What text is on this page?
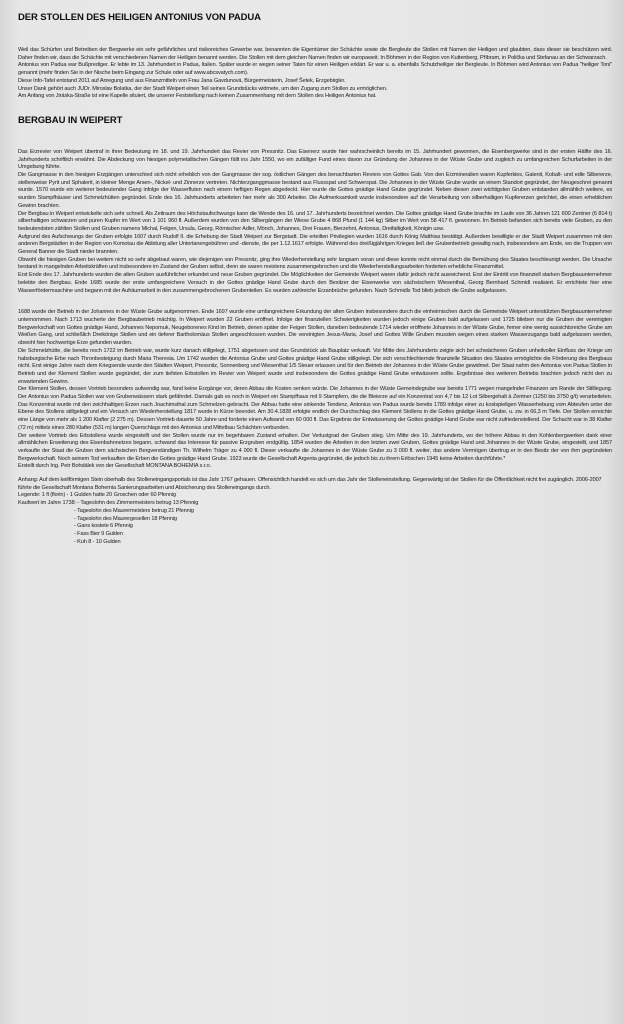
DER STOLLEN DES HEILIGEN ANTONIUS VON PADUA

Weil das Schürfen und Betreiben der Bergwerke ein sehr gefährliches und risikoreiches Gewerbe war, benannten die Eigentümer der Schächte sowie die Bergleute die Stollen mit Namen der Heiligen und glaubten, dass dieser sie beschützen wird. Daher finden wir, dass die Schächte mit verschiedenen Namen der Heiligen benannt werden. Die Stollen mit dem gleichen Namen finden wir europaweit. In Böhmen in der Region von Kuttenberg, Příbram, in Polička und Stefanau an der Schwarzach.

Antonius von Padua war Bußprediger. Er lebte im 13. Jahrhundert in Padua, Italien. Später wurde er wegen seiner Taten für einen Heiligen erklärt. Er war u. a. ebenfalls Schutzheiliger der Bergleute. In Böhmen wird Antonius von Padua "heiliger Toni" genannt (mehr finden Sie in der Nische beim Eingang zur Schule oder auf www.abcsvatych.com).

Diese Info-Tafel entstand 2011 auf Anregung und aus Finanzmitteln von Frau Jana Gavdunová, Bürgermeisterin, Josef Šetek, Erzgebirgler.

Unser Dank gehört auch JUDr. Miroslav Bolatka, der der Stadt Weipert einen Teil seines Grundstücks widmete, um den Zugang zum Stollen zu ermöglichen.

Am Anfang von Jiráska-Straße ist eine Kapelle situiert, die unserer Feststellung nach keinen Zusammenhang mit dem Stollen des Heiligen Antonius hat.

BERGBAU IN WEIPERT

Das Erzrevier von Weipert übertraf in ihrer Bedeutung im 18. und 19. Jahrhundert das Revier von Pressnitz. Das Eisenerz wurde hier wahrscheinlich bereits im 15. Jahrhundert gewonnen, die Eisenbergwerke sind in der ersten Hälfte des 16. Jahrhunderts schriftlich erwähnt. Die Abdeckung von hiesigen polymetallischen Gängen fällt ins Jahr 1550, wo ein zufälliger Fund eines davon zur Gründung der Johannes in der Wüste Grube und zugleich zu umfangreichen Schurfarbeiten in der Umgebung führte.

Die Gangmasse in den hiesigen Erzgängen unterschied sich nicht erheblich von der Gangmasse der sog. östlichen Gängen des benachbarten Reviers von Gottes Gab. Von den Erzmineralien waren Kupferkies, Galenit, Kobalt- und edle Silbererze, stellenweise Pyrit und Sphalerit, in kleiner Menge Arsen-, Nickel- und Zinnerze vertreten. Nichterzganggmasse bestand aus Flussspat und Schwerspat. Die Johannes in der Wüste Grube wurde an einem Standort gegründet, der Neugeschrei genannt wurde. 1570 wurde ein weiterer bedeutender Gang infolge der Wasserfluten nach einem heftigen Regen abgedeckt. Hier wurde die Gottes gnädige Hand Grube gegründet. Neben diesen zwei wichtigsten Gruben entstanden allmählich weitere, es wurden Stampfhäuser und Schmelzhütten gegründet. Ende des 16. Jahrhunderts arbeiteten hier mehr als 300 Arbeiter. Die Aufmerksamkeit wurde insbesondere auf die Verarbeitung von silberhaltigen Kupfererzen gerichtet, die einen erheblichen Gewinn brachten.

Der Bergbau in Weipert entwickelte sich sehr schnell. Als Zeitraum des Höchstaufschwungs kann die Wende des 16. und 17. Jahrhunderts bezeichnet werden. Die Gottes gnädige Hand Grube brachte im Laufe von 36 Jahren 121 600 Zentner (6 814 t) silberhaltigen schwarzen und puren Kupfer im Wert von 1 101 960 fl. Außerdem wurden von den Silbergängen der Wiese Grube 4 868 Pfund (1 144 kg) Silber im Wert von 58 417 fl. gewonnen. Im Betrieb befanden sich bereits viele Gruben, zu den bedeutendsten zählten Stollen und Gruben namens Michal, Felgen, Ursula, Georg, Römischer Adler, Mönch, Johannes, Drei Frauen, Bierzehnt, Antonius, Dreifaltigkeit, Königin usw.

Aufgrund des Aufschwungs der Gruben erfolgte 1607 durch Rudolf II. die Erhebung der Stadt Weipert zur Bergstadt. Die erteilten Privilegien wurden 1616 durch König Matthias bestätigt. Außerdem bewilligte er der Stadt Weipert zusammen mit den anderen Bergstädten in der Region von Komotau die Abbitung aller Untertanengebühren und -dienste, die per 1.12.1617 erfolgte. Während des dreißigjährigen Krieges ließ der Grubenbetrieb gewaltig nach, insbesondere am Ende, wo die Truppen von General Banner die Stadt nieder brannten.

Obwohl die hiesigen Gruben bei weitem nicht so sehr abgebaut waren, wie diejenigen von Pressnitz, ging ihre Wiederherstellung sehr langsam voran und diese konnte nicht einmal durch die Bemühung des Staates beschleunigt werden. Die Ursache bestand in mangelnden Arbeitskräften und insbesondere im Zustand der Gruben selbst, denn sie waren meistens zusammengebrochen und die Wiederherstellungsarbeiten forderten erhebliche Finanzmittel.

Erst Ende des 17. Jahrhunderts wurden die alten Gruben ausführlicher erkundet und neue Gruben gegründet. Die Möglichkeiten der Gemeinde Weipert waren dafür jedoch nicht ausreichend. Erst der Eintritt von finanziell starken Bergbauunternehmer belebte den Bergbau. Ende 1685 wurde der erste umfangreichere Versuch in der Gottes gnädige Hand Grube durch den Besitzer der Eisenwerke von sächsischem Wiesenthal, Georg Bernhard Schmidl realisiert. Er errichtete hier eine Wasserfördermaschine und begann mit der Aufräumarbeit in den zusammengebrochenen Grubenteilen. Es wurden zahlreiche Erzanbrüche gefunden. Nach Schmidls Tod blieb jedoch die Grube aufgelassen.

1688 wurde der Betrieb in der Johannes in der Wüste Grube aufgenommen. Ende 1697 wurde eine umfangreichere Erkundung der alten Gruben insbesondere durch die einheimischen durch die Gemeinde Weipert unterstützten Bergbauunternehmer unternommen. Nach 1713 wucherte der Bergbaubetrieb mächtig. In Weipert wurden 22 Gruben eröffnet. Infolge der finanziellen Schwierigkeiten wurden jedoch einige Gruben bald aufgelassen und 1725 blieben nur die Gruben der vereinigten Bergwerkschaft von Gottes gnädige Hand, Johannes Nepomuk, Neugeborenes Kind im Betrieb, denen später der Feigen Stollen, daneben bedeutende 1714 wieder eröffnete Johannes in der Wüste Grube, ferner eine wenig aussichtsreiche Grube am Weißen Gang, und schließlich Dreikönige Stollen und ein tieferer Bartholomäus Stollen angeschlossen wurden. Die vereinigten Jesus-Maria, Josef und Gottes Wille Gruben mussten wegen eines starken Wasserzugangs bald aufgelassen werden, obwohl hier hochwertige Erze gefunden wurden.

Die Schmelzhütte, die bereits noch 1722 im Betrieb war, wurde kurz danach stillgelegt, 1751 abgerissen und das Grundstück als Bauplatz verkauft. Vor Mitte des Jahrhunderts zeigte sich bei schwächeren Gruben unheilvoller Einfluss der Kriege um habsburgische Erbe nach Thronbesteigung durch Maria Theresia. Um 1742 wurden die Antonius Grube und Gottes gnädige Hand Grube stillgelegt. Die sich verschlechternde finanzielle Situation des Staates ermöglichte die Förderung des Bergbaus nicht. Erst einige Jahre nach dem Kriegsende wurde den Städten Weipert, Pressnitz, Sonnenberg und Wiesenthal 1/5 Steuer erlassen und für den Betrieb der Johannes in der Wüste Grube gewidmet. Der Staat nahm den Antonius von Padua Stollen in Betrieb und der Klement Stollen wurde gegründet, der zum tiefsten Erbstollen im Revier von Weipert wurde und insbesondere die Gottes gnädige Hand Grube entwässern sollte. Ergebnisse des weiteren Betriebs brachten jedoch nicht den zu erwartenden Gewinn.

Der Klement Stollen, dessen Vortrieb besonders aufwendig war, fand keine Erzgänge vor, deren Abbau die Kosten senken würde. Die Johannes in der Wüste Gemeindegrube war bereits 1771 wegen mangelnder Finanzen am Rande der Stilllegung. Der Antonius von Padua Stollen war von Grubenwässern stark gefährdet. Damals gab es noch in Weipert ein Stampfhaus mit 9 Stampfern, die die Bleierze auf ein Konzentrat von 4,7 bis 12 Lot Silbergehalt à Zentner (1250 bis 3750 g/t) verarbeiteten. Das Konzentrat wurde mit den zeichhaltigen Erzen nach Joachimsthal zum Schmelzen gebracht. Der Abbau hatte eine sinkende Tendenz, Antonius von Padua wurde bereits 1789 infolge einer zu kostspieligen Wasserhebung vom Abteufen unter der Ebene des Stollens stillgelegt und ein Versuch um Wiederherstellung 1817 wurde in Kürze beendet. Am 30.4.1828 erfolgte endlich der Durchschlag des Klement Stollens in die Gottes gnädige Hand Grube, u. zw. in 66,3 m Tiefe. Der Stollen erreichte eine Länge von mehr als 1 200 Klafter (2 275 m). Dessen Vortrieb dauerte 50 Jahre und forderte einen Aufwand von 60 000 fl. Das Ergebnis der Entwässerung der Gottes gnädige Hand Grube war nicht zufriedenstellend. Der Schacht war in 38 Klafter (72 m) mittels eines 280 Klafter (531 m) langen Querschlags mit den Antonius und Mittelbau Schächten verbunden.

Der weitere Vortrieb des Erbstollens wurde eingestellt und der Stollen wurde nur im begehbaren Zustand erhalten. Der Verlustgrad der Gruben stieg. Um Mitte des 19. Jahrhunderts, wo der höhere Abbau in den Kohlenbergwerken dank einer allmählichen Erweiterung des Eisenbahnnetzes begann, schwand das Interesse für passive Erzgruben endgültig. 1854 wurden die Arbeiten in den letzten zwei Gruben, Gottes gnädige Hand und Johannes in der Wüste Grube, eingestellt, und 1857 verkaufte der Staat die Gruben dem sächsischen Bergverständigen Th. Wilhelm Träger zu 4 000 fl. Dieser verkaufte die Johannes in der Wüste Grube zu 3 000 fl. weiter, das andere Vermögen übertrug er in den Besitz der von ihm gegründeten Bergwerkschaft. Noch seinem Tod verkauften die Erben die Gottes gnädige Hand Grube. 1923 wurde die Gesellschaft Argenta gegründet, die jedoch bis zu ihrem Erlöschen 1945 keine Arbeiten durchführte.*

Erstellt durch Ing. Petr Bohdálek von der Gesellschaft MONTANA BOHEMIA s.r.o.

Anhang: Auf dem keilförmigen Stein oberhalb des Stolleneingangsportals ist das Jahr 1767 gehauen. Offensichtlich handelt es sich um das Jahr der Stolleneinstellung. Gegenwärtig ist der Stollen für die Öffentlichkeit nicht frei zugänglich. 2006-2007 führte die Gesellschaft Montana Bohemia Sanierungsarbeiten und Absicherung des Stolleneingangs durch.

Legende: 1 fl (florin) - 1 Gulden hatte 20 Groschen oder 60 Pfennig

Kaufwert im Jahre 1738: - Tageslohn des Zimmermeisters betrug 13 Pfennig

- Tageslohn des Maurermeisters betrug 21 Pfennig

- Tageslohn des Maurergesellen 18 Pfennig

- Gans kostete 6 Pfennig

- Fass Bier 9 Gulden

- Kuh 8 - 10 Gulden
